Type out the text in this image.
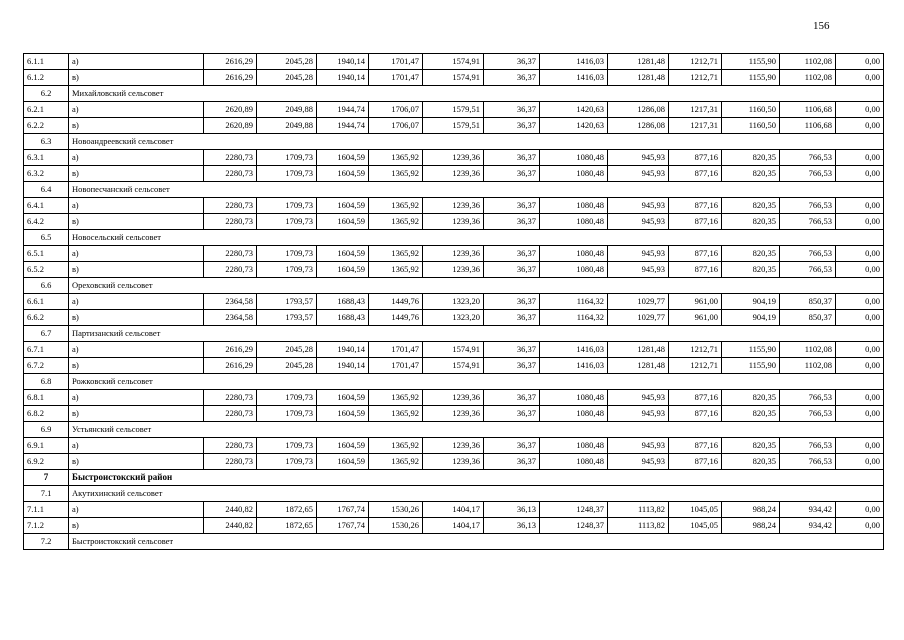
156
6.1.1	а)	2616,29	2045,28	1940,14	1701,47	1574,91	36,37	1416,03	1281,48	1212,71	1155,90	1102,08	0,00
6.1.2	в)	2616,29	2045,28	1940,14	1701,47	1574,91	36,37	1416,03	1281,48	1212,71	1155,90	1102,08	0,00
6.2	Михайловский сельсовет												
6.2.1	а)	2620,89	2049,88	1944,74	1706,07	1579,51	36,37	1420,63	1286,08	1217,31	1160,50	1106,68	0,00
6.2.2	в)	2620,89	2049,88	1944,74	1706,07	1579,51	36,37	1420,63	1286,08	1217,31	1160,50	1106,68	0,00
6.3	Новоандреевский сельсовет												
6.3.1	а)	2280,73	1709,73	1604,59	1365,92	1239,36	36,37	1080,48	945,93	877,16	820,35	766,53	0,00
6.3.2	в)	2280,73	1709,73	1604,59	1365,92	1239,36	36,37	1080,48	945,93	877,16	820,35	766,53	0,00
6.4	Новопесчанский сельсовет												
6.4.1	а)	2280,73	1709,73	1604,59	1365,92	1239,36	36,37	1080,48	945,93	877,16	820,35	766,53	0,00
6.4.2	в)	2280,73	1709,73	1604,59	1365,92	1239,36	36,37	1080,48	945,93	877,16	820,35	766,53	0,00
6.5	Новосельский сельсовет												
6.5.1	а)	2280,73	1709,73	1604,59	1365,92	1239,36	36,37	1080,48	945,93	877,16	820,35	766,53	0,00
6.5.2	в)	2280,73	1709,73	1604,59	1365,92	1239,36	36,37	1080,48	945,93	877,16	820,35	766,53	0,00
6.6	Ореховский сельсовет												
6.6.1	а)	2364,58	1793,57	1688,43	1449,76	1323,20	36,37	1164,32	1029,77	961,00	904,19	850,37	0,00
6.6.2	в)	2364,58	1793,57	1688,43	1449,76	1323,20	36,37	1164,32	1029,77	961,00	904,19	850,37	0,00
6.7	Партизанский сельсовет												
6.7.1	а)	2616,29	2045,28	1940,14	1701,47	1574,91	36,37	1416,03	1281,48	1212,71	1155,90	1102,08	0,00
6.7.2	в)	2616,29	2045,28	1940,14	1701,47	1574,91	36,37	1416,03	1281,48	1212,71	1155,90	1102,08	0,00
6.8	Рожковский сельсовет												
6.8.1	а)	2280,73	1709,73	1604,59	1365,92	1239,36	36,37	1080,48	945,93	877,16	820,35	766,53	0,00
6.8.2	в)	2280,73	1709,73	1604,59	1365,92	1239,36	36,37	1080,48	945,93	877,16	820,35	766,53	0,00
6.9	Устьянский сельсовет												
6.9.1	а)	2280,73	1709,73	1604,59	1365,92	1239,36	36,37	1080,48	945,93	877,16	820,35	766,53	0,00
6.9.2	в)	2280,73	1709,73	1604,59	1365,92	1239,36	36,37	1080,48	945,93	877,16	820,35	766,53	0,00
7	Быстроистокский район												
7.1	Акутихинский сельсовет												
7.1.1	а)	2440,82	1872,65	1767,74	1530,26	1404,17	36,13	1248,37	1113,82	1045,05	988,24	934,42	0,00
7.1.2	в)	2440,82	1872,65	1767,74	1530,26	1404,17	36,13	1248,37	1113,82	1045,05	988,24	934,42	0,00
7.2	Быстроистокский сельсовет												
